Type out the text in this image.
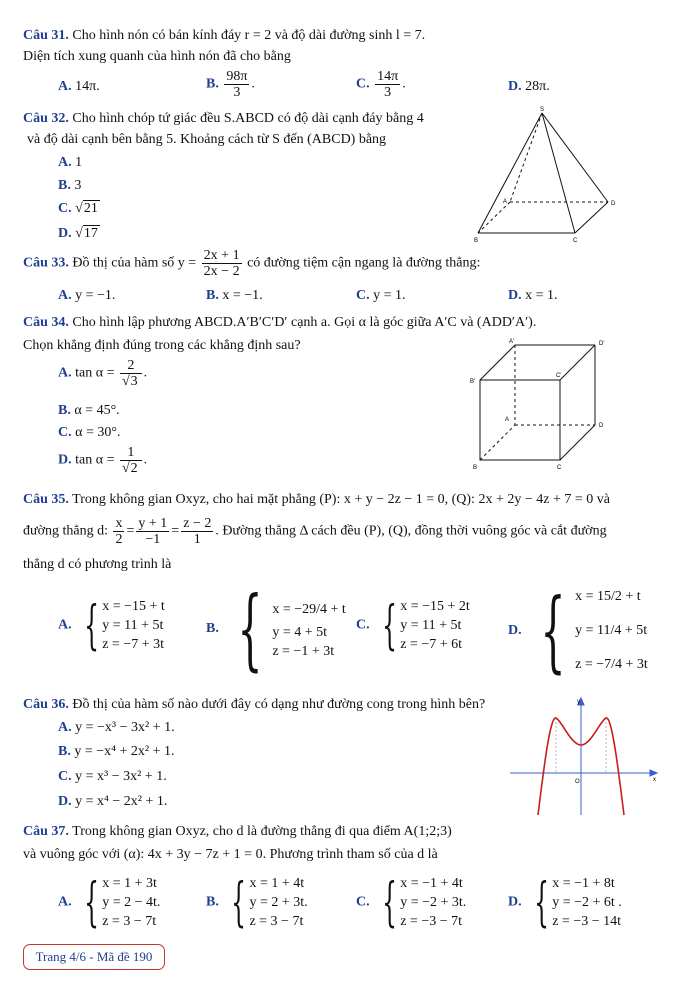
Câu 31. Cho hình nón có bán kính đáy r = 2 và độ dài đường sinh l = 7.
Diện tích xung quanh của hình nón đã cho bằng
A. 14π.	B. $\frac{98\pi}{3}$ .	C. $\frac{14\pi}{3}$ .	D. 28π.
Câu 32. Cho hình chóp tứ giác đều S.ABCD có độ dài cạnh đáy bằng 4
và độ dài cạnh bên bằng 5. Khoảng cách từ S đến (ABCD) bằng
A. 1
B. 3
C. √21
D. √17
S
A	D
B	C
Câu 33. Đồ thị của hàm số $y = \frac{2x + 1}{2x - 2}$ có đường tiệm cận ngang là đường thẳng:
A. y = −1.	B. x = −1.	C. y = 1.	D. x = 1.
Câu 34. Cho hình lập phương ABCD.A′B′C′D′ cạnh a. Gọi α là góc giữa A′C và (ADD′A′).
Chọn khẳng định đúng trong các khẳng định sau?
A. $\tan \alpha = \frac{2}{√3}$ .
B. α = 45°.
C. α = 30°.
D. $\tan \alpha = \frac{1}{√2}$ .
A′	D′
B′
C′
A
D
B	C
Câu 35. Trong không gian Oxyz, cho hai mặt phẳng (P): x + y − 2z − 1 = 0, (Q): 2x + 2y − 4z + 7 = 0 và
đường thẳng d: $\frac{x}{2} = \frac{y + 1}{-1} = \frac{z - 2}{1}$ . Đường thẳng Δ cách đều (P), (Q), đồng thời vuông góc và cắt đường
thẳng d có phương trình là
A. { x = −15 + t
y = 11 + 5t
z = −7 + 3t
B. { x = −29/4 + t
y = 4 + 5t
z = −1 + 3t
C. { x = −15 + 2t
y = 11 + 5t
z = −7 + 6t
D. { x = 15/2 + t
y = 11/4 + 5t
z = −7/4 + 3t
Câu 36. Đồ thị của hàm số nào dưới đây có dạng như đường cong trong hình bên?
A. y = −x³ − 3x² + 1.
B. y = −x⁴ + 2x² + 1.
C. y = x³ − 3x² + 1.
D. y = x⁴ − 2x² + 1.
y
x
O
Câu 37. Trong không gian Oxyz, cho d là đường thẳng đi qua điểm A(1;2;3)
và vuông góc với (α): 4x + 3y − 7z + 1 = 0. Phương trình tham số của d là
A. { x = 1 + 3t
y = 2 − 4t.
z = 3 − 7t
B. { x = 1 + 4t
y = 2 + 3t.
z = 3 − 7t
C. { x = −1 + 4t
y = −2 + 3t.
z = −3 − 7t
D. { x = −1 + 8t
y = −2 + 6t .
z = −3 − 14t
Trang 4/6 - Mã đề 190
